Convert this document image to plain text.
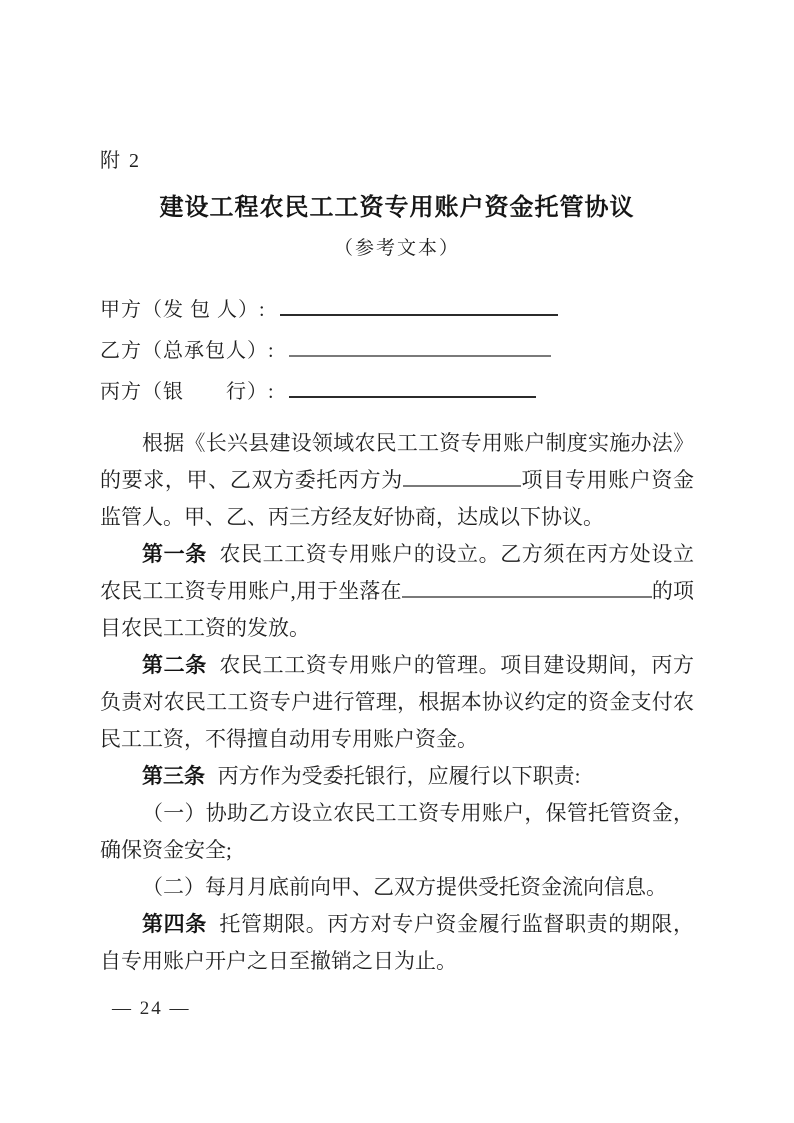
附 2
建设工程农民工工资专用账户资金托管协议
（参考文本）
甲方（发 包 人）:
乙方（总承包人）:
丙方（银　　行）:

根据《长兴县建设领域农民工工资专用账户制度实施办法》的要求，甲、乙双方委托丙方为	项目专用账户资金监管人。甲、乙、丙三方经友好协商，达成以下协议。

第一条 农民工工资专用账户的设立。乙方须在丙方处设立农民工工资专用账户,用于坐落在	的项目农民工工资的发放。

第二条 农民工工资专用账户的管理。项目建设期间，丙方负责对农民工工资专户进行管理，根据本协议约定的资金支付农民工工资，不得擅自动用专用账户资金。

第三条 丙方作为受委托银行，应履行以下职责:

（一）协助乙方设立农民工工资专用账户，保管托管资金，确保资金安全;

（二）每月月底前向甲、乙双方提供受托资金流向信息。

第四条 托管期限。丙方对专户资金履行监督职责的期限，自专用账户开户之日至撤销之日为止。

— 24 —
